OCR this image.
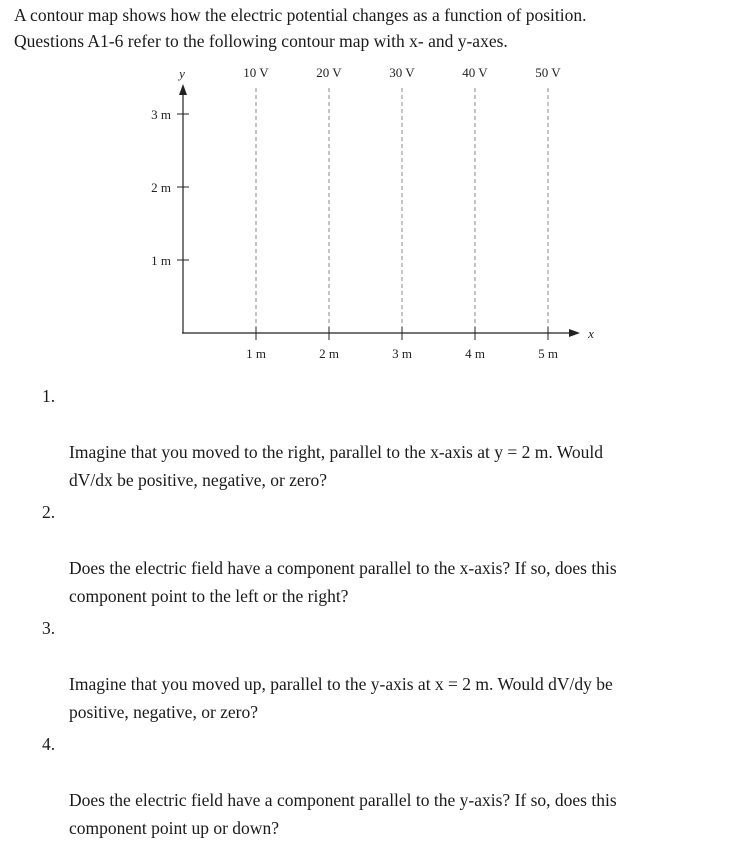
A contour map shows how the electric potential changes as a function of position.
Questions A1-6 refer to the following contour map with x- and y-axes.
y
x
10 V	20 V	30 V	40 V	50 V
1 m	2 m	3 m	4 m	5 m
1 m
2 m
3 m

1.

Imagine that you moved to the right, parallel to the x-axis at y = 2 m. Would
dV/dx be positive, negative, or zero?

2.

Does the electric field have a component parallel to the x-axis? If so, does this
component point to the left or the right?

3.

Imagine that you moved up, parallel to the y-axis at x = 2 m. Would dV/dy be
positive, negative, or zero?

4.

Does the electric field have a component parallel to the y-axis? If so, does this
component point up or down?
